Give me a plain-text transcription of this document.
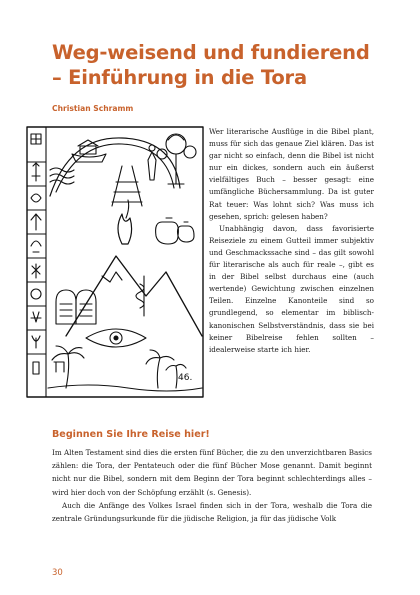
Weg-weisend und fundierend – Einführung in die Tora
Christian Schramm
46.

Wer literarische Ausflüge in die Bibel plant, muss für sich das genaue Ziel klären. Das ist gar nicht so einfach, denn die Bibel ist nicht nur ein dickes, sondern auch ein äußerst vielfältiges Buch – besser gesagt: eine umfängliche Büchersammlung. Da ist guter Rat teuer: Was lohnt sich? Was muss ich gesehen, sprich: gelesen haben?

Unabhängig davon, dass favorisierte Reiseziele zu einem Gutteil immer subjektiv und Geschmackssache sind – das gilt sowohl für literarische als auch für reale –, gibt es in der Bibel selbst durchaus eine (auch wertende) Gewichtung zwischen einzelnen Teilen. Einzelne Kanonteile sind so grundlegend, so elementar im biblisch-kanonischen Selbstverständnis, dass sie bei keiner Bibelreise fehlen sollten – idealerweise starte ich hier.

Beginnen Sie Ihre Reise hier!

Im Alten Testament sind dies die ersten fünf Bücher, die zu den unverzichtbaren Basics zählen: die Tora, der Pentateuch oder die fünf Bücher Mose genannt. Damit beginnt nicht nur die Bibel, sondern mit dem Beginn der Tora beginnt schlechterdings alles – wird hier doch von der Schöpfung erzählt (s. Genesis).

Auch die Anfänge des Volkes Israel finden sich in der Tora, weshalb die Tora die zentrale Gründungsurkunde für die jüdische Religion, ja für das jüdische Volk

30
